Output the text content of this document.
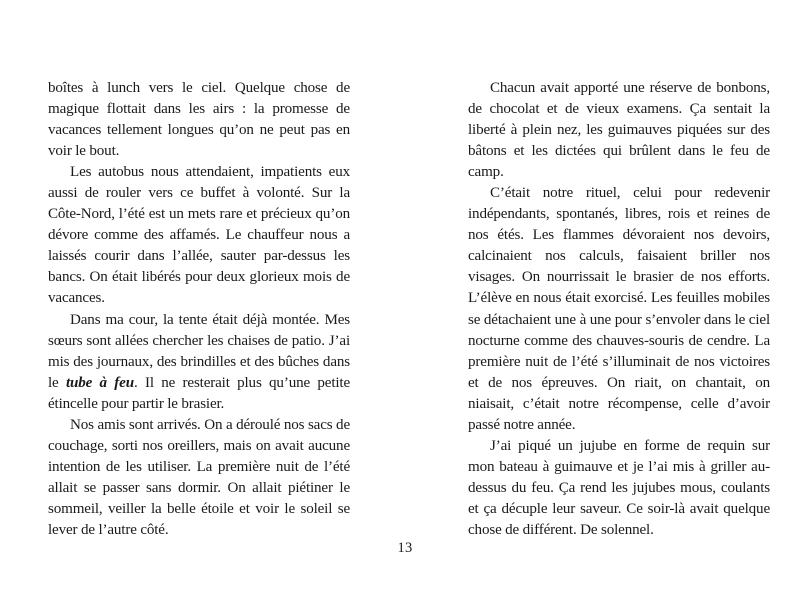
boîtes à lunch vers le ciel. Quelque chose de magique flottait dans les airs : la promesse de vacances tellement longues qu’on ne peut pas en voir le bout.

Les autobus nous attendaient, impatients eux aussi de rouler vers ce buffet à volonté. Sur la Côte-Nord, l’été est un mets rare et précieux qu’on dévore comme des affamés. Le chauffeur nous a laissés courir dans l’allée, sauter par-dessus les bancs. On était libérés pour deux glorieux mois de vacances.

Dans ma cour, la tente était déjà montée. Mes sœurs sont allées chercher les chaises de patio. J’ai mis des journaux, des brindilles et des bûches dans le tube à feu. Il ne resterait plus qu’une petite étincelle pour partir le brasier.

Nos amis sont arrivés. On a déroulé nos sacs de couchage, sorti nos oreillers, mais on avait aucune intention de les utiliser. La première nuit de l’été allait se passer sans dormir. On allait piétiner le sommeil, veiller la belle étoile et voir le soleil se lever de l’autre côté.

Chacun avait apporté une réserve de bonbons, de chocolat et de vieux examens. Ça sentait la liberté à plein nez, les guimauves piquées sur des bâtons et les dictées qui brûlent dans le feu de camp.

C’était notre rituel, celui pour redevenir indépendants, spontanés, libres, rois et reines de nos étés. Les flammes dévoraient nos devoirs, calcinaient nos calculs, faisaient briller nos visages. On nourrissait le brasier de nos efforts. L’élève en nous était exorcisé. Les feuilles mobiles se détachaient une à une pour s’envoler dans le ciel nocturne comme des chauves-souris de cendre. La première nuit de l’été s’illuminait de nos victoires et de nos épreuves. On riait, on chantait, on niaisait, c’était notre récompense, celle d’avoir passé notre année.

J’ai piqué un jujube en forme de requin sur mon bateau à guimauve et je l’ai mis à griller au-dessus du feu. Ça rend les jujubes mous, coulants et ça décuple leur saveur. Ce soir-là avait quelque chose de différent. De solennel.

13
